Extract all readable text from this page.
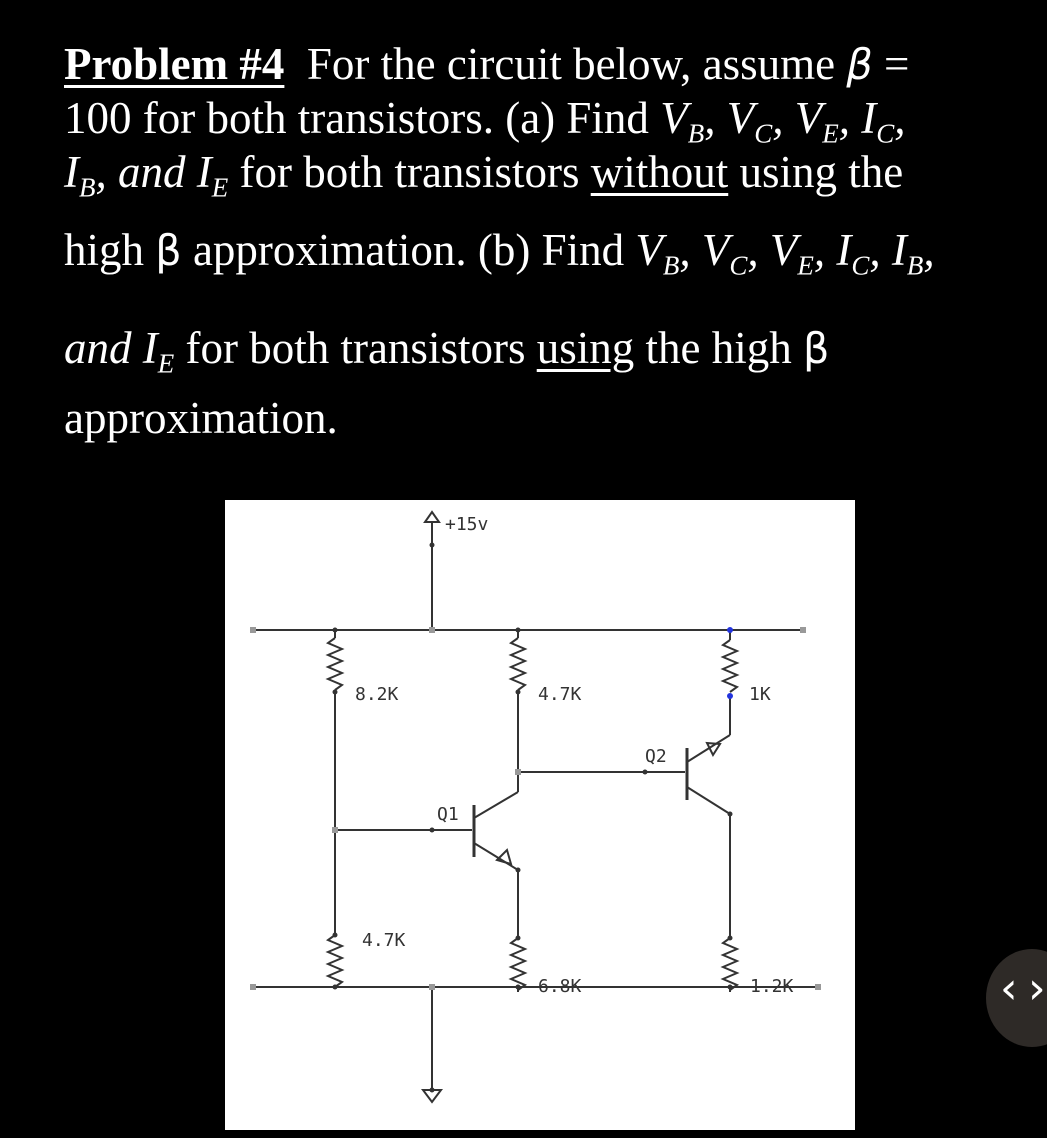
Problem #4 For the circuit below, assume β =
100 for both transistors. (a) Find $V_B$, $V_C$, $V_E$, $I_C$,
$I_B$, and $I_E$ for both transistors without using the
high β approximation. (b) Find $V_B$, $V_C$, $V_E$, $I_C$, $I_B$,
and $I_E$ for both transistors using the high β
approximation.
+15v
8.2K	4.7K	1K
Q2
Q1
4.7K
6.8K	1.2K	‹ ›
